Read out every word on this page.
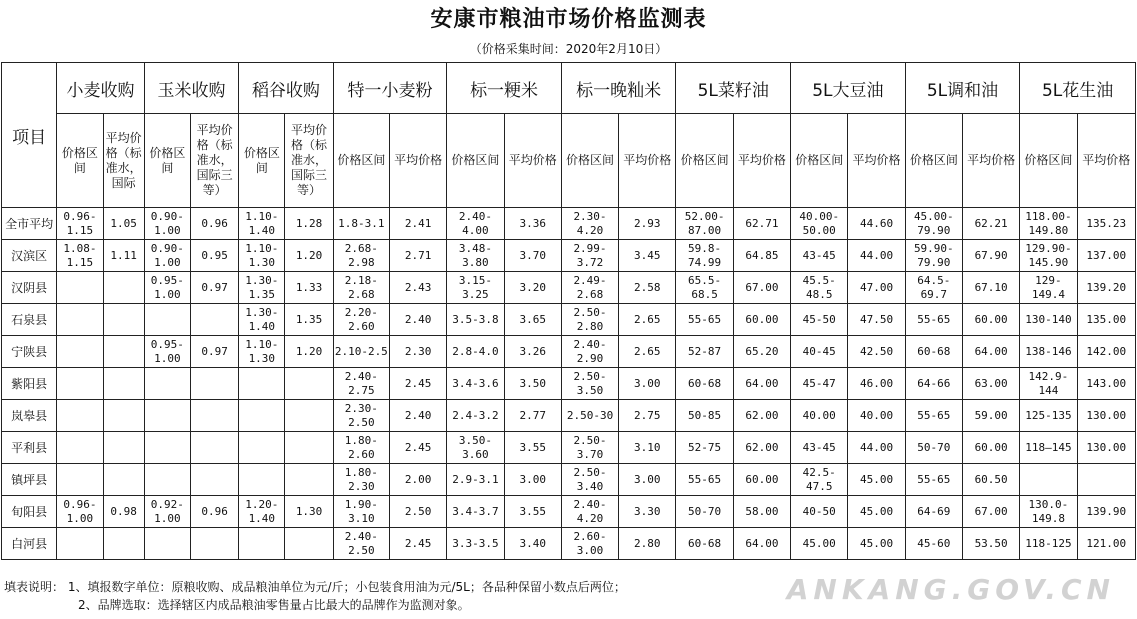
安康市粮油市场价格监测表
（价格采集时间：2020年2月10日）
项目	小麦收购		玉米收购		稻谷收购		特一小麦粉		标一粳米		标一晚籼米		5L菜籽油		5L大豆油		5L调和油		5L花生油	
	价格区间	平均价格（标准水，国际	价格区间	平均价格（标准水，国际三等）	价格区间	平均价格（标准水，国际三等）	价格区间	平均价格	价格区间	平均价格	价格区间	平均价格	价格区间	平均价格	价格区间	平均价格	价格区间	平均价格	价格区间	平均价格
全市平均	0.96-1.15	1.05	0.90-1.00	0.96	1.10-1.40	1.28	1.8-3.1	2.41	2.40-4.00	3.36	2.30-4.20	2.93	52.00-87.00	62.71	40.00-50.00	44.60	45.00-79.90	62.21	118.00-149.80	135.23
汉滨区	1.08-1.15	1.11	0.90-1.00	0.95	1.10-1.30	1.20	2.68-2.98	2.71	3.48-3.80	3.70	2.99-3.72	3.45	59.8-74.99	64.85	43-45	44.00	59.90-79.90	67.90	129.90-145.90	137.00
汉阴县			0.95-1.00	0.97	1.30-1.35	1.33	2.18-2.68	2.43	3.15-3.25	3.20	2.49-2.68	2.58	65.5-68.5	67.00	45.5-48.5	47.00	64.5-69.7	67.10	129-149.4	139.20
石泉县					1.30-1.40	1.35	2.20-2.60	2.40	3.5-3.8	3.65	2.50-2.80	2.65	55-65	60.00	45-50	47.50	55-65	60.00	130-140	135.00
宁陕县			0.95-1.00	0.97	1.10-1.30	1.20	2.10-2.5	2.30	2.8-4.0	3.26	2.40-2.90	2.65	52-87	65.20	40-45	42.50	60-68	64.00	138-146	142.00
紫阳县							2.40-2.75	2.45	3.4-3.6	3.50	2.50-3.50	3.00	60-68	64.00	45-47	46.00	64-66	63.00	142.9-144	143.00
岚皋县							2.30-2.50	2.40	2.4-3.2	2.77	2.50-30	2.75	50-85	62.00	40.00	40.00	55-65	59.00	125-135	130.00
平利县							1.80-2.60	2.45	3.50-3.60	3.55	2.50-3.70	3.10	52-75	62.00	43-45	44.00	50-70	60.00	118—145	130.00
镇坪县							1.80-2.30	2.00	2.9-3.1	3.00	2.50-3.40	3.00	55-65	60.00	42.5-47.5	45.00	55-65	60.50		
旬阳县	0.96-1.00	0.98	0.92-1.00	0.96	1.20-1.40	1.30	1.90-3.10	2.50	3.4-3.7	3.55	2.40-4.20	3.30	50-70	58.00	40-50	45.00	64-69	67.00	130.0-149.8	139.90
白河县							2.40-2.50	2.45	3.3-3.5	3.40	2.60-3.00	2.80	60-68	64.00	45.00	45.00	45-60	53.50	118-125	121.00
填表说明： 1、填报数字单位：原粮收购、成品粮油单位为元/斤；小包装食用油为元/5L；各品种保留小数点后两位；
2、品牌选取：选择辖区内成品粮油零售量占比最大的品牌作为监测对象。	ANKANG.GOV.CN
